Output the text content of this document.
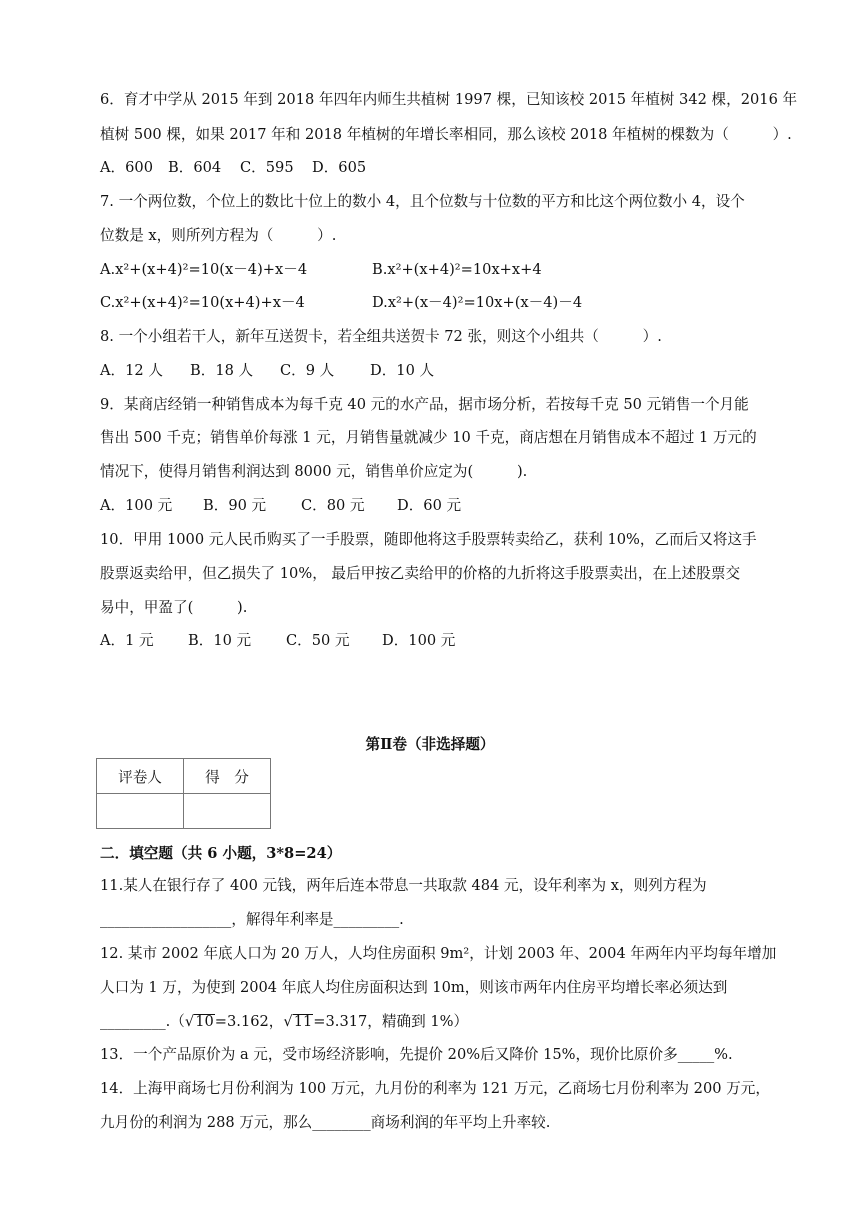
6．育才中学从 2015 年到 2018 年四年内师生共植树 1997 棵，已知该校 2015 年植树 342 棵，2016 年
植树 500 棵，如果 2017 年和 2018 年植树的年增长率相同，那么该校 2018 年植树的棵数为（　　　）.
A．600 B．604 C．595 D．605
7. 一个两位数，个位上的数比十位上的数小 4，且个位数与十位数的平方和比这个两位数小 4，设个
位数是 x，则所列方程为（　　　）.
A.x²+(x+4)²=10(x－4)+x－4	B.x²+(x+4)²=10x+x+4
C.x²+(x+4)²=10(x+4)+x－4	D.x²+(x－4)²=10x+(x－4)－4
8. 一个小组若干人，新年互送贺卡，若全组共送贺卡 72 张，则这个小组共（　　　）.
A．12 人 B．18 人 C．9 人 D．10 人
9．某商店经销一种销售成本为每千克 40 元的水产品，据市场分析，若按每千克 50 元销售一个月能
售出 500 千克；销售单价每涨 1 元，月销售量就减少 10 千克，商店想在月销售成本不超过 1 万元的
情况下，使得月销售利润达到 8000 元，销售单价应定为(　　　).
A．100 元 B．90 元 C．80 元 D．60 元
10．甲用 1000 元人民币购买了一手股票，随即他将这手股票转卖给乙，获利 10%，乙而后又将这手
股票返卖给甲，但乙损失了 10%， 最后甲按乙卖给甲的价格的九折将这手股票卖出，在上述股票交
易中，甲盈了(　　　).
A．1 元 B．10 元 C．50 元 D．100 元
第Ⅱ卷（非选择题）
评卷人	得　分

二．填空题（共 6 小题，3*8=24）
11.某人在银行存了 400 元钱，两年后连本带息一共取款 484 元，设年利率为 x，则列方程为
__________________，解得年利率是_________.
12. 某市 2002 年底人口为 20 万人，人均住房面积 9m²，计划 2003 年、2004 年两年内平均每年增加
人口为 1 万，为使到 2004 年底人均住房面积达到 10m，则该市两年内住房平均增长率必须达到
_________.（√10=3.162，√11=3.317，精确到 1%）
13．一个产品原价为 a 元，受市场经济影响，先提价 20%后又降价 15%，现价比原价多_____%.
14．上海甲商场七月份利润为 100 万元，九月份的利率为 121 万元，乙商场七月份利率为 200 万元，
九月份的利润为 288 万元，那么________商场利润的年平均上升率较.
